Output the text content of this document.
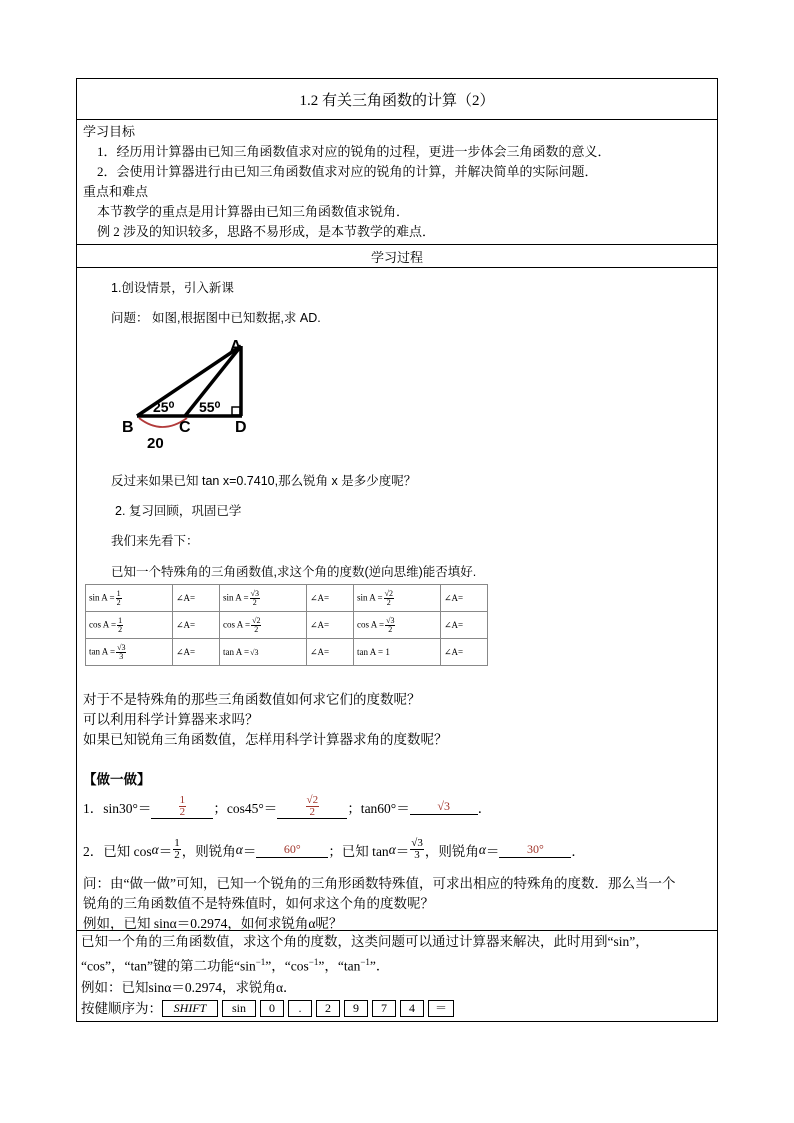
1.2 有关三角函数的计算（2）
学习目标
1．经历用计算器由已知三角函数值求对应的锐角的过程，更进一步体会三角函数的意义．
2．会使用计算器进行由已知三角函数值求对应的锐角的计算，并解决简单的实际问题．
重点和难点
本节教学的重点是用计算器由已知三角函数值求锐角．
例 2 涉及的知识较多，思路不易形成，是本节教学的难点．
学习过程
1.创设情景，引入新课
问题： 如图,根据图中已知数据,求 AD.
A
B	C	D
25⁰ 55⁰
20
反过来如果已知 tan x=0.7410,那么锐角 x 是多少度呢？
2. 复习回顾，巩固已学
我们来先看下：
已知一个特殊角的三角函数值,求这个角的度数(逆向思维)能否填好.
$\sin A = \frac{1}{2}$	∠A=	$\sin A = \frac{√3}{2}$	∠A=	$\sin A = \frac{√2}{2}$	∠A=
$\cos A = \frac{1}{2}$	∠A=	$\cos A = \frac{√2}{2}$	∠A=	$\cos A = \frac{√3}{2}$	∠A=
$\tan A = \frac{√3}{3}$	∠A=	tan A = √3	∠A=	tan A = 1	∠A=
对于不是特殊角的那些三角函数值如何求它们的度数呢？
可以利用科学计算器来求吗？
如果已知锐角三角函数值，怎样用科学计算器求角的度数呢？
【做一做】
1．$\sin 30^\circ= \frac{1}{2}$ ；cos45°＝	$\frac{√2}{2}$ ；tan60°＝	√3	．
2．已知 $\cos \alpha = \frac{1}{2}$ ，则锐角 α ＝	60°	；已知 $\tan \alpha = \frac{√3}{3}$ ，则锐角 α ＝	30°	．
问：由“做一做”可知，已知一个锐角的三角形函数特殊值，可求出相应的特殊角的度数．那么当一个
锐角的三角函数值不是特殊值时，如何求这个角的度数呢？
例如，已知 sinα＝0.2974，如何求锐角α呢？
已知一个角的三角函数值，求这个角的度数，这类问题可以通过计算器来解决，此时用到“sin”，
“cos”，“tan”键的第二功能“$\sin^{-1}$”，“$\cos^{-1}$”，“$\tan^{-1}$”．
例如：已知sinα＝0.2974，求锐角α．
按健顺序为： SHIFT	sin	0	.	2	9	7	4	＝
